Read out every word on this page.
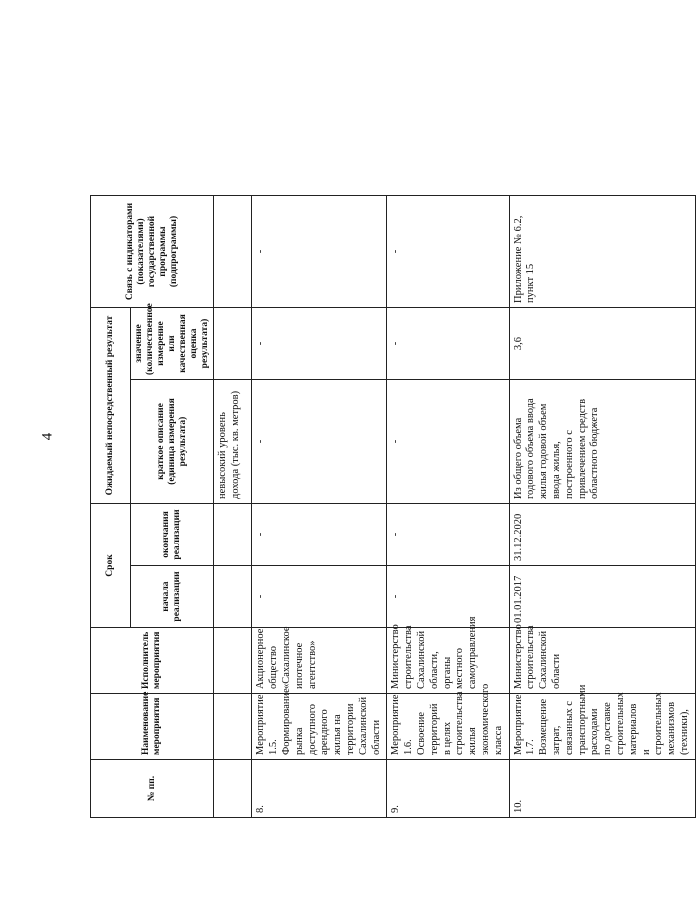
4
№ пп.	Наименование мероприятия	Исполнитель мероприятия	Срок		Ожидаемый непосредственный результат		Связь с индикаторами (показателями) государственной программы (подпрограммы)
			начала реализации	окончания реализации	краткое описание (единица измерения результата)	значение (количественное измерение или качественная оценка результата)	
					невысокий уровень дохода (тыс. кв. метров)		
8.	Мероприятие 1.5. Формирование рынка доступного арендного жилья на территории Сахалинской области	Акционерное общество «Сахалинское ипотечное агентство»	-	-	-	-	-
9.	Мероприятие 1.6. Освоение территорий в целях строительства жилья экономического класса	Министерство строительства Сахалинской области, органы местного самоуправления	-	-	-	-	-
10.	Мероприятие 1.7. Возмещение затрат, связанных с транспортными расходами по доставке строительных материалов и строительных механизмов (техники),	Министерство строительства Сахалинской области	01.01.2017	31.12.2020	Из общего объема годового объема ввода жилья годовой объем ввода жилья, построенного с привлечением средств областного бюджета	3,6	Приложение № 6.2, пункт 15
